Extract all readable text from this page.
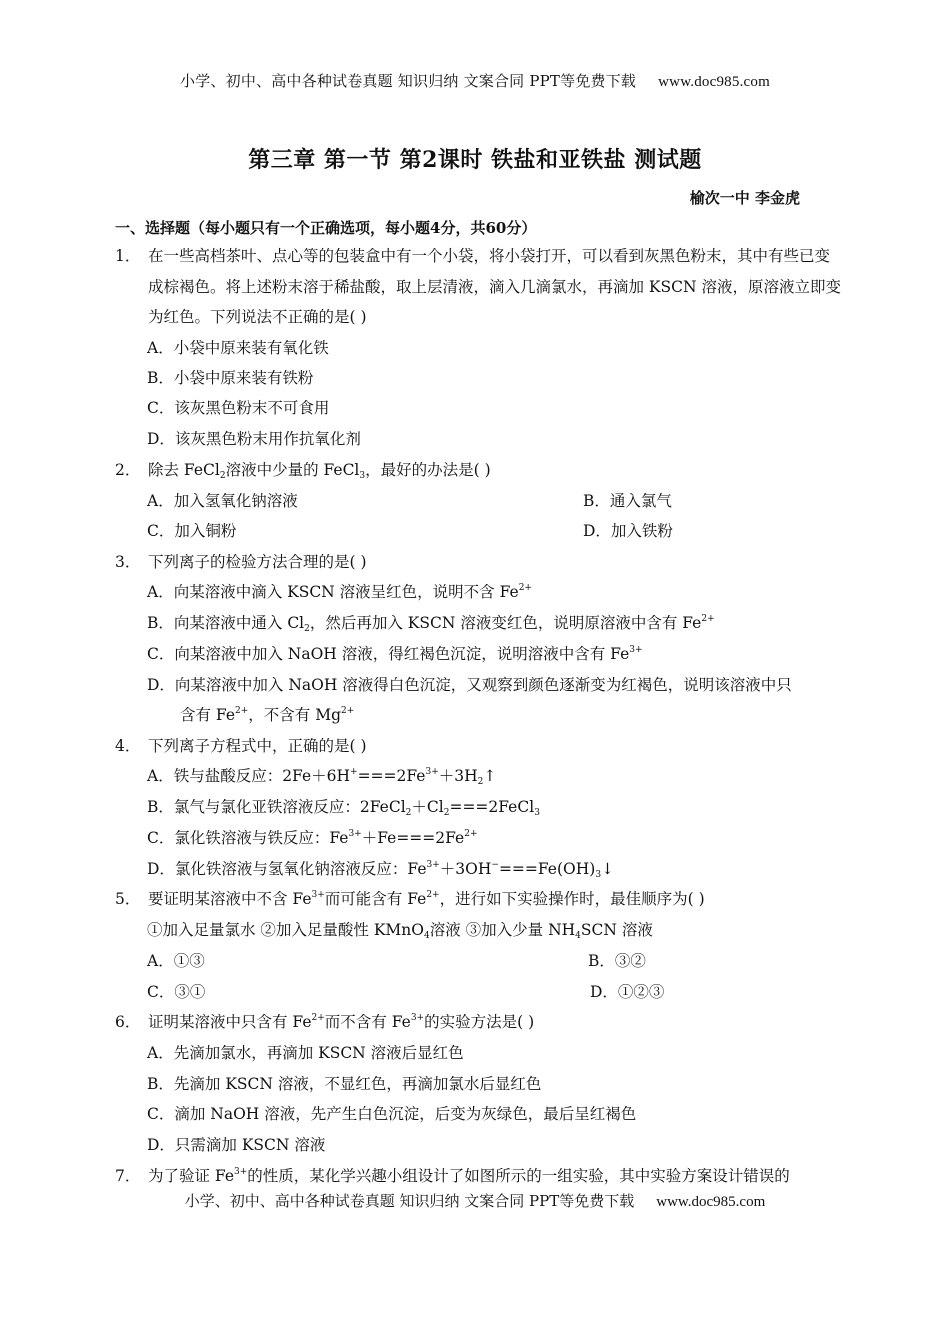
小学、初中、高中各种试卷真题 知识归纳 文案合同 PPT等免费下载 www.doc985.com
第三章 第一节 第2课时 铁盐和亚铁盐 测试题
榆次一中 李金虎
一、选择题（每小题只有一个正确选项，每小题4分，共60分）
1． 在一些高档茶叶、点心等的包装盒中有一个小袋，将小袋打开，可以看到灰黑色粉末，其中有些已变成棕褐色。将上述粉末溶于稀盐酸，取上层清液，滴入几滴氯水，再滴加 KSCN 溶液，原溶液立即变为红色。下列说法不正确的是( )
A．小袋中原来装有氧化铁
B．小袋中原来装有铁粉
C．该灰黑色粉末不可食用
D．该灰黑色粉末用作抗氧化剂
2． 除去 FeCl$_2$溶液中少量的 FeCl$_3$，最好的办法是( )
A．加入氢氧化钠溶液	B．通入氯气
C．加入铜粉	D．加入铁粉
3． 下列离子的检验方法合理的是( )
A．向某溶液中滴入 KSCN 溶液呈红色，说明不含 $Fe^{2+}$
B．向某溶液中通入 $Cl_2$，然后再加入 KSCN 溶液变红色，说明原溶液中含有 $Fe^{2+}$
C．向某溶液中加入 NaOH 溶液，得红褐色沉淀，说明溶液中含有 $Fe^{3+}$
D．向某溶液中加入 NaOH 溶液得白色沉淀，又观察到颜色逐渐变为红褐色，说明该溶液中只
含有 $Fe^{2+}$，不含有 $Mg^{2+}$
4． 下列离子方程式中，正确的是( )
A．铁与盐酸反应：$2Fe+6H^+===2Fe^{3+}+3H_2↑$
B．氯气与氯化亚铁溶液反应：$2FeCl_2+Cl_2===2FeCl_3$
C．氯化铁溶液与铁反应：$Fe^{3+}+Fe===2Fe^{2+}$
D．氯化铁溶液与氢氧化钠溶液反应：$Fe^{3+}+3OH^-===Fe(OH)_3↓$
5． 要证明某溶液中不含 $Fe^{3+}$而可能含有 $Fe^{2+}$，进行如下实验操作时，最佳顺序为( )
①加入足量氯水 ②加入足量酸性 KMnO$_4$溶液 ③加入少量 $NH_4SCN$ 溶液
A．①③	B．③②
C．③①	D．①②③
6． 证明某溶液中只含有 $Fe^{2+}$而不含有 $Fe^{3+}$的实验方法是( )
A．先滴加氯水，再滴加 KSCN 溶液后显红色
B．先滴加 KSCN 溶液，不显红色，再滴加氯水后显红色
C．滴加 NaOH 溶液，先产生白色沉淀，后变为灰绿色，最后呈红褐色
D．只需滴加 KSCN 溶液
7． 为了验证 $Fe^{3+}$的性质，某化学兴趣小组设计了如图所示的一组实验，其中实验方案设计错误的
小学、初中、高中各种试卷真题 知识归纳 文案合同 PPT等免费下载 www.doc985.com
